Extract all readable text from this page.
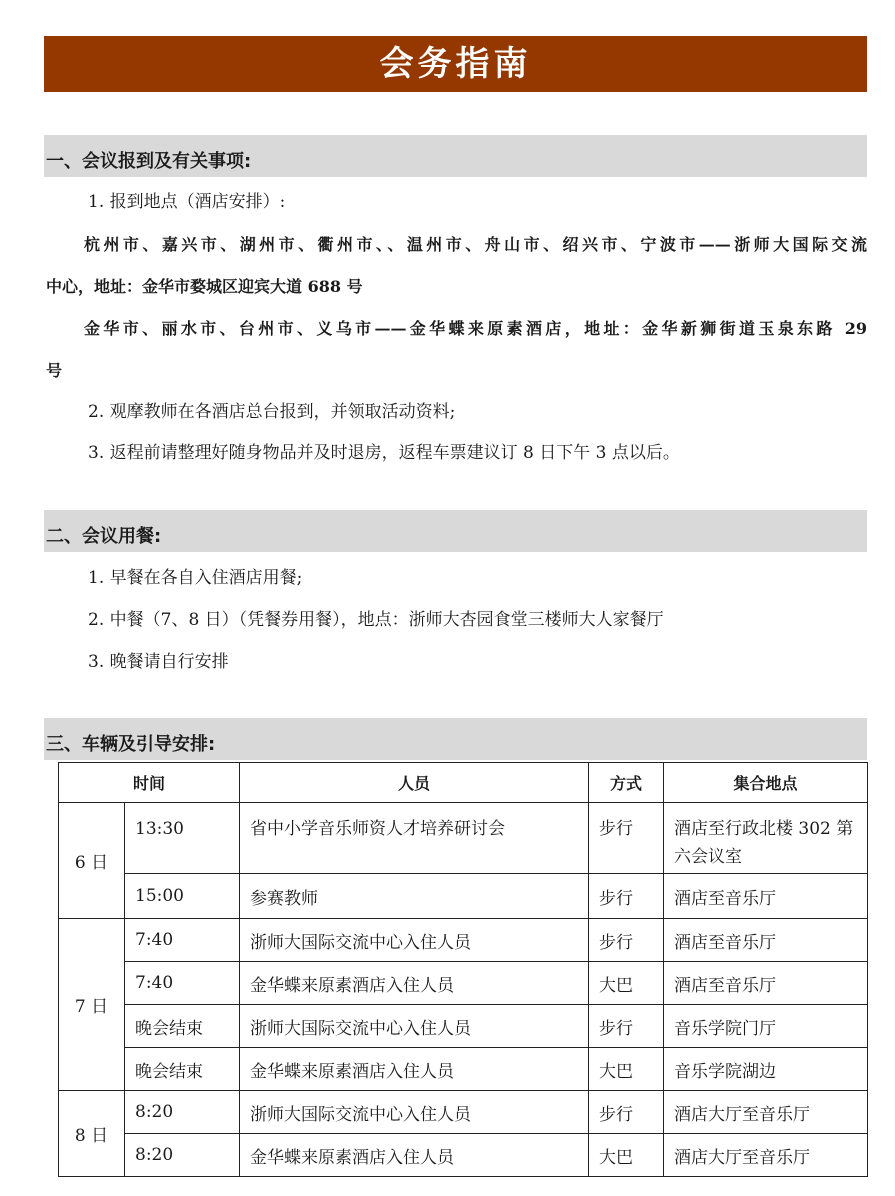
会务指南
一、会议报到及有关事项:
1. 报到地点（酒店安排）:
杭州市、嘉兴市、湖州市、衢州市、、温州市、舟山市、绍兴市、宁波市——浙师大国际交流
中心，地址：金华市婺城区迎宾大道 688 号
金华市、丽水市、台州市、义乌市——金华蝶来原素酒店，地址：金华新狮街道玉泉东路 29
号
2. 观摩教师在各酒店总台报到，并领取活动资料;
3. 返程前请整理好随身物品并及时退房，返程车票建议订 8 日下午 3 点以后。
二、会议用餐:
1. 早餐在各自入住酒店用餐;
2. 中餐（7、8 日）（凭餐券用餐），地点：浙师大杏园食堂三楼师大人家餐厅
3. 晚餐请自行安排
三、车辆及引导安排:
时间		人员	方式	集合地点
6 日	13:30	省中小学音乐师资人才培养研讨会	步行	酒店至行政北楼 302 第六会议室
	15:00	参赛教师	步行	酒店至音乐厅
7 日	7:40	浙师大国际交流中心入住人员	步行	酒店至音乐厅
	7:40	金华蝶来原素酒店入住人员	大巴	酒店至音乐厅
	晚会结束	浙师大国际交流中心入住人员	步行	音乐学院门厅
	晚会结束	金华蝶来原素酒店入住人员	大巴	音乐学院湖边
8 日	8:20	浙师大国际交流中心入住人员	步行	酒店大厅至音乐厅
	8:20	金华蝶来原素酒店入住人员	大巴	酒店大厅至音乐厅
